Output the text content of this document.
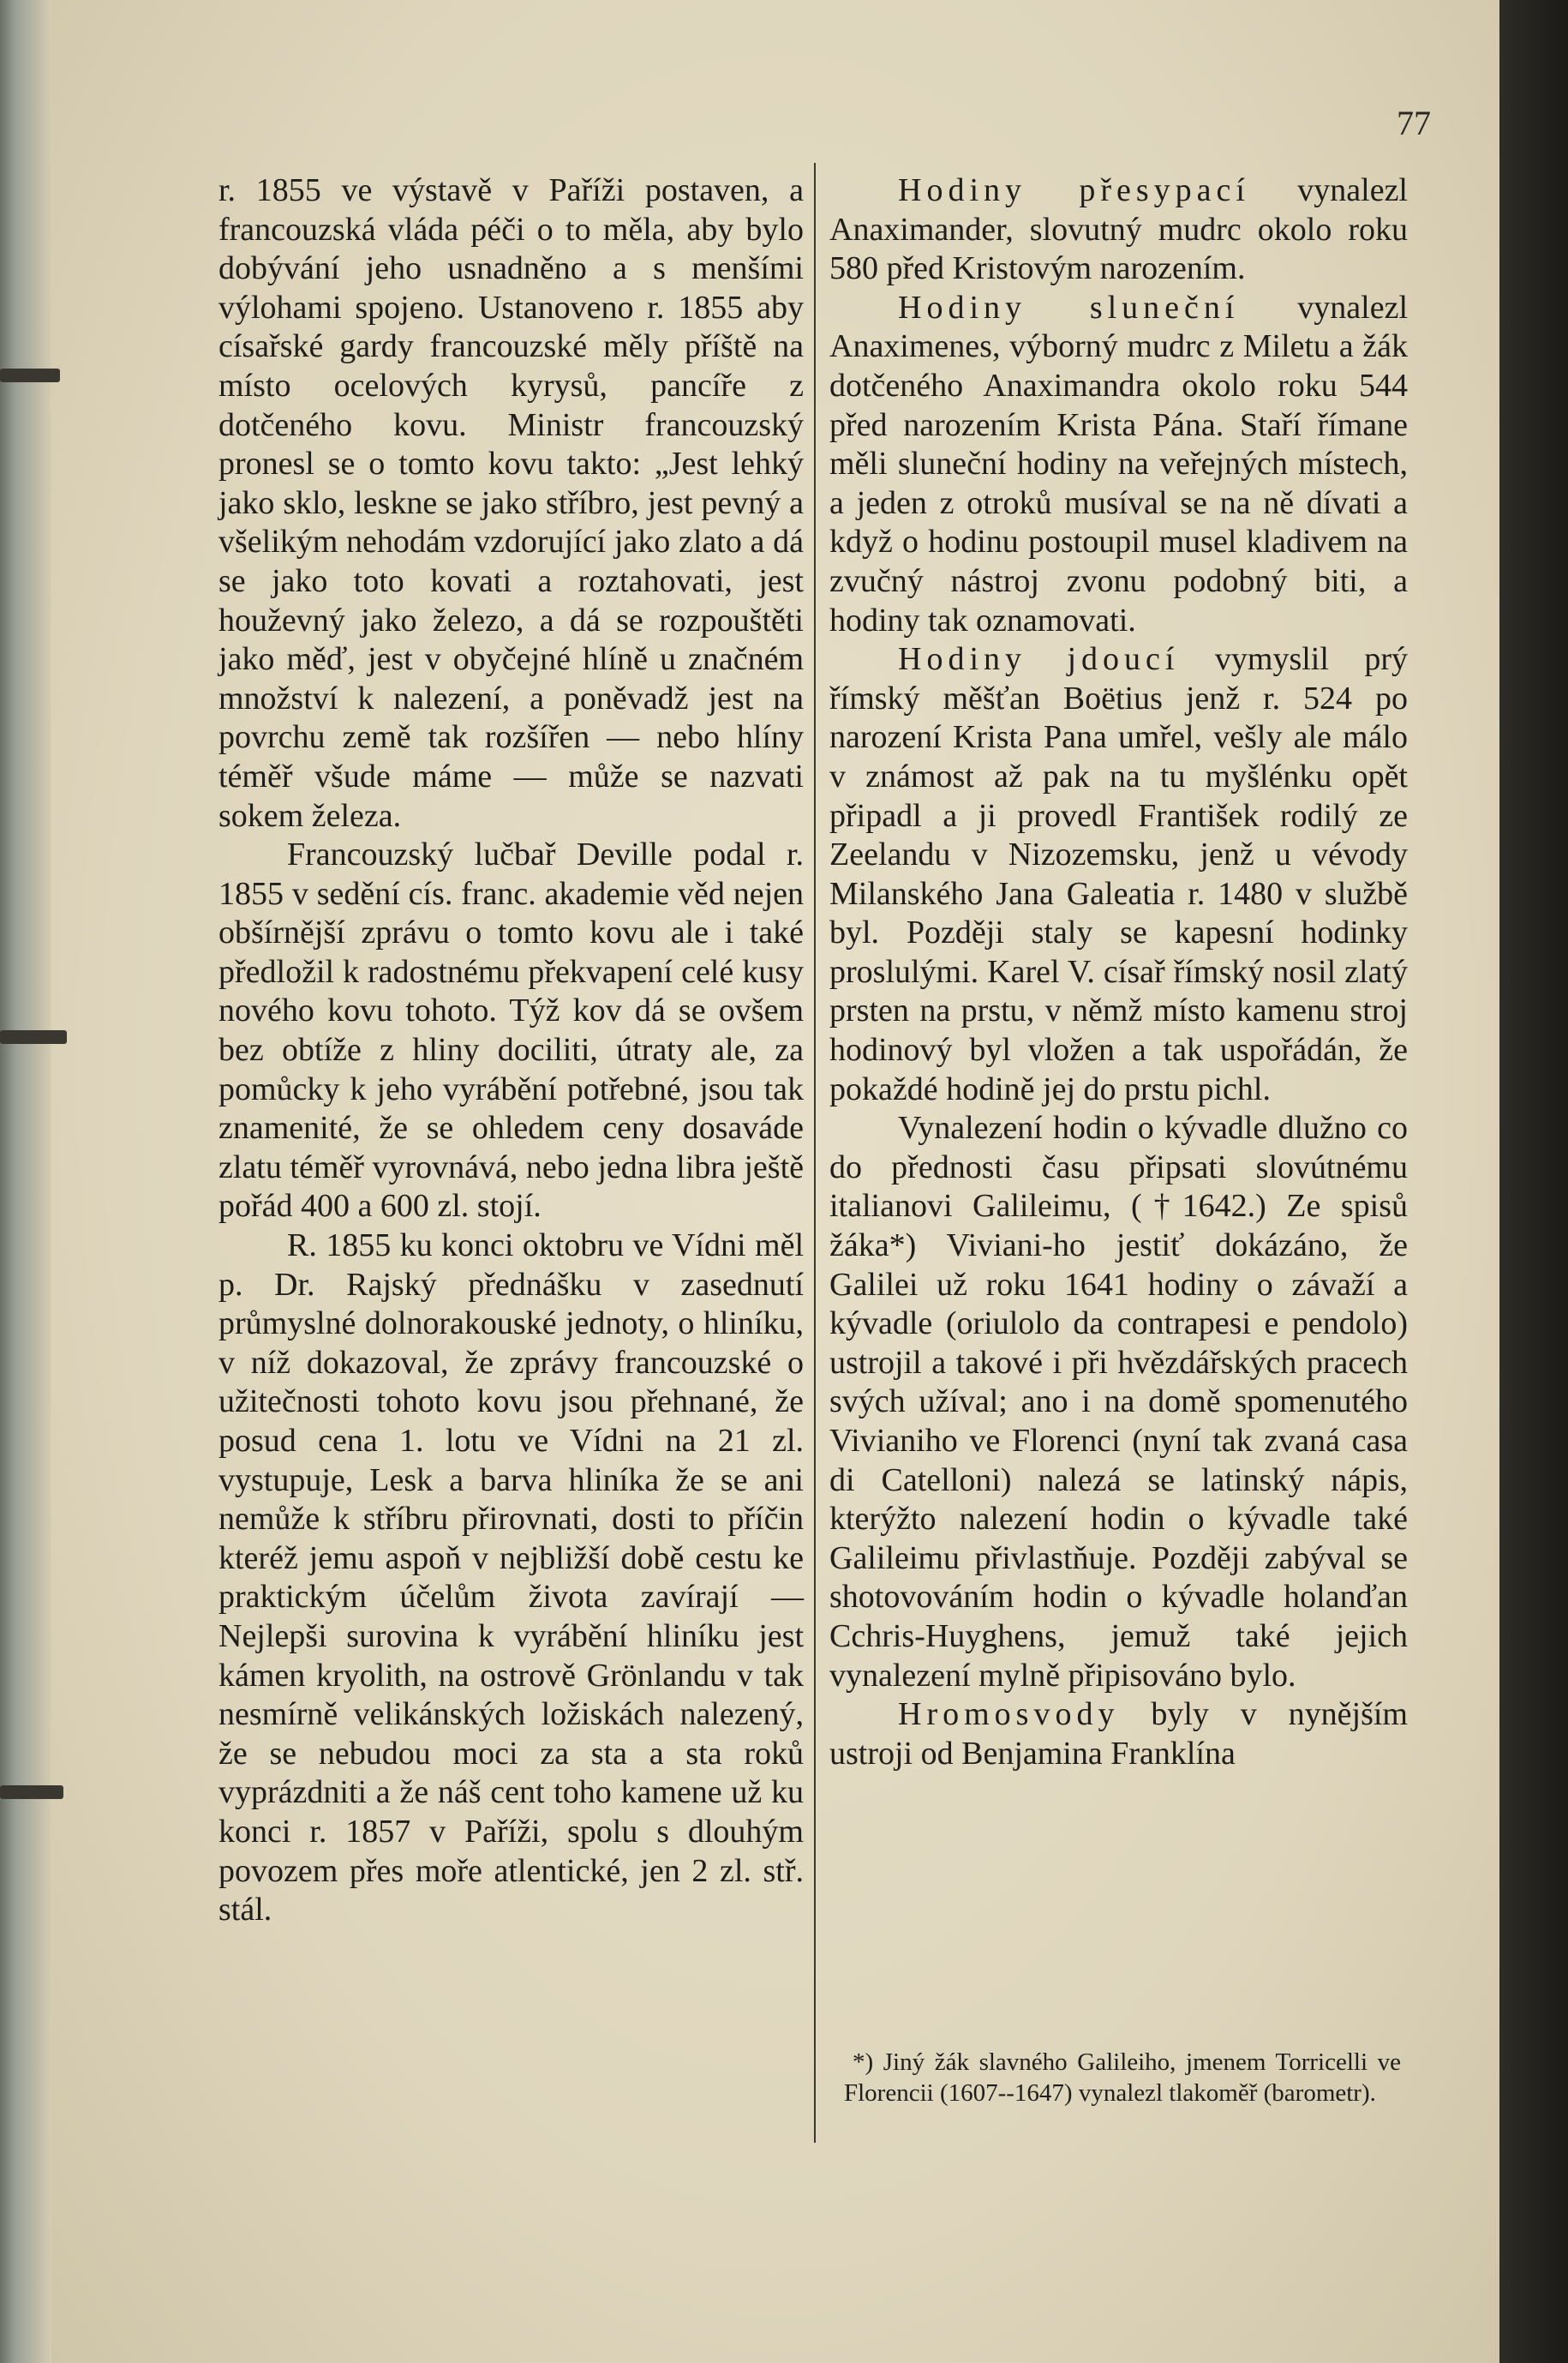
77

r. 1855 ve výstavě v Paříži postaven, a francouzská vláda péči o to měla, aby bylo dobývání jeho usnadněno a s menšími výlohami spojeno. Ustanoveno r. 1855 aby císařské gardy francouzské měly příště na místo ocelových kyrysů, pancíře z dotčeného kovu. Ministr francouzský pronesl se o tomto kovu takto: „Jest lehký jako sklo, leskne se jako stříbro, jest pevný a všelikým nehodám vzdorující jako zlato a dá se jako toto kovati a roztahovati, jest houževný jako železo, a dá se rozpouštěti jako měď, jest v obyčejné hlíně u značném množství k nalezení, a poněvadž jest na povrchu země tak rozšířen — nebo hlíny téměř všude máme — může se nazvati sokem železa.

Francouzský lučbař Deville podal r. 1855 v sedění cís. franc. akademie věd nejen obšírnější zprávu o tomto kovu ale i také předložil k radostnému překvapení celé kusy nového kovu tohoto. Týž kov dá se ovšem bez obtíže z hliny dociliti, útraty ale, za pomůcky k jeho vyrábění potřebné, jsou tak znamenité, že se ohledem ceny dosaváde zlatu téměř vyrovnává, nebo jedna libra ještě pořád 400 a 600 zl. stojí.

R. 1855 ku konci oktobru ve Vídni měl p. Dr. Rajský přednášku v zasednutí průmyslné dolnorakouské jednoty, o hliníku, v níž dokazoval, že zprávy francouzské o užitečnosti tohoto kovu jsou přehnané, že posud cena 1. lotu ve Vídni na 21 zl. vystupuje, Lesk a barva hliníka že se ani nemůže k stříbru přirovnati, dosti to příčin kteréž jemu aspoň v nejbližší době cestu ke praktickým účelům života zavírají — Nejlepši surovina k vyrábění hliníku jest kámen kryolith, na ostrově Grönlandu v tak nesmírně velikánských ložiskách nalezený, že se nebudou moci za sta a sta roků vyprázdniti a že náš cent toho kamene už ku konci r. 1857 v Paříži, spolu s dlouhým povozem přes moře atlentické, jen 2 zl. stř. stál.

Hodiny přesypací vynalezl Anaximander, slovutný mudrc okolo roku 580 před Kristovým narozením.

Hodiny sluneční vynalezl Anaximenes, výborný mudrc z Miletu a žák dotčeného Anaximandra okolo roku 544 před narozením Krista Pána. Staří římane měli sluneční hodiny na veřejných místech, a jeden z otroků musíval se na ně dívati a když o hodinu postoupil musel kladivem na zvučný nástroj zvonu podobný biti, a hodiny tak oznamovati.

Hodiny jdoucí vymyslil prý římský měšťan Boëtius jenž r. 524 po narození Krista Pana umřel, vešly ale málo v známost až pak na tu myšlénku opět připadl a ji provedl František rodilý ze Zeelandu v Nizozemsku, jenž u vévody Milanského Jana Galeatia r. 1480 v službě byl. Později staly se kapesní hodinky proslulými. Karel V. císař římský nosil zlatý prsten na prstu, v němž místo kamenu stroj hodinový byl vložen a tak uspořádán, že pokaždé hodině jej do prstu pichl.

Vynalezení hodin o kývadle dlužno co do přednosti času připsati slovútnému italianovi Galileimu, (†1642.) Ze spisů žáka*) Viviani-ho jestiť dokázáno, že Galilei už roku 1641 hodiny o závaží a kývadle (oriulolo da contrapesi e pendolo) ustrojil a takové i při hvězdářských pracech svých užíval; ano i na domě spomenutého Vivianiho ve Florenci (nyní tak zvaná casa di Catelloni) nalezá se latinský nápis, kterýžto nalezení hodin o kývadle také Galileimu přivlastňuje. Později zabýval se shotovováním hodin o kývadle holanďan Cchris-Huyghens, jemuž také jejich vynalezení mylně připisováno bylo.

Hromosvody byly v nynějším ustroji od Benjamina Franklína

*) Jiný žák slavného Galileiho, jmenem Torricelli ve Florencii (1607--1647) vynalezl tlakoměř (barometr).
